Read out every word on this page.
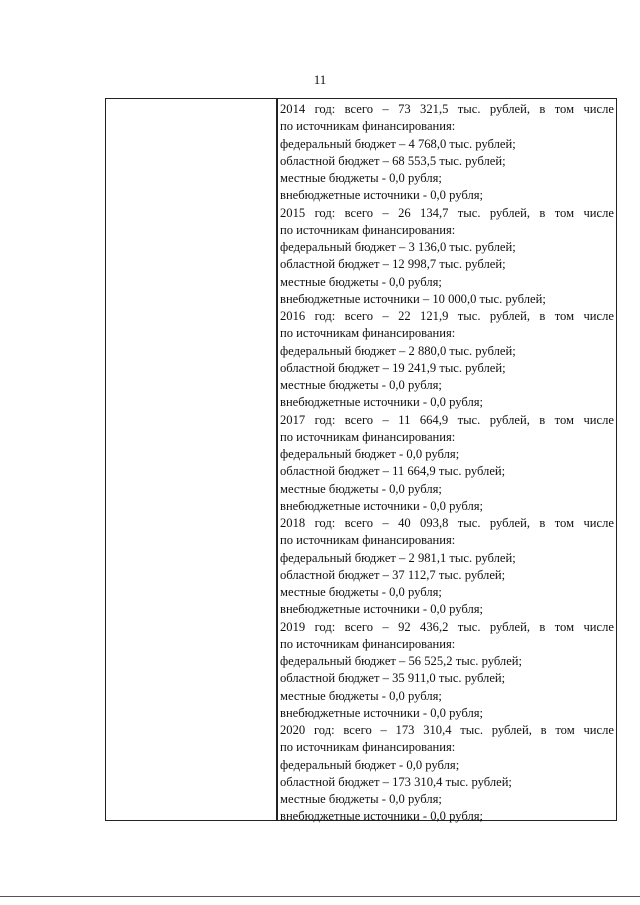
11
2014 год: всего – 73 321,5 тыс. рублей, в том числе
по источникам финансирования:
федеральный бюджет – 4 768,0 тыс. рублей;
областной бюджет – 68 553,5 тыс. рублей;
местные бюджеты - 0,0 рубля;
внебюджетные источники - 0,0 рубля;
2015 год: всего – 26 134,7 тыс. рублей, в том числе
по источникам финансирования:
федеральный бюджет – 3 136,0 тыс. рублей;
областной бюджет – 12 998,7 тыс. рублей;
местные бюджеты - 0,0 рубля;
внебюджетные источники – 10 000,0 тыс. рублей;
2016 год: всего – 22 121,9 тыс. рублей, в том числе
по источникам финансирования:
федеральный бюджет – 2 880,0 тыс. рублей;
областной бюджет – 19 241,9 тыс. рублей;
местные бюджеты - 0,0 рубля;
внебюджетные источники - 0,0 рубля;
2017 год: всего – 11 664,9 тыс. рублей, в том числе
по источникам финансирования:
федеральный бюджет - 0,0 рубля;
областной бюджет – 11 664,9 тыс. рублей;
местные бюджеты - 0,0 рубля;
внебюджетные источники - 0,0 рубля;
2018 год: всего – 40 093,8 тыс. рублей, в том числе
по источникам финансирования:
федеральный бюджет – 2 981,1 тыс. рублей;
областной бюджет – 37 112,7 тыс. рублей;
местные бюджеты - 0,0 рубля;
внебюджетные источники - 0,0 рубля;
2019 год: всего – 92 436,2 тыс. рублей, в том числе
по источникам финансирования:
федеральный бюджет – 56 525,2 тыс. рублей;
областной бюджет – 35 911,0 тыс. рублей;
местные бюджеты - 0,0 рубля;
внебюджетные источники - 0,0 рубля;
2020 год: всего – 173 310,4 тыс. рублей, в том числе
по источникам финансирования:
федеральный бюджет - 0,0 рубля;
областной бюджет – 173 310,4 тыс. рублей;
местные бюджеты - 0,0 рубля;
внебюджетные источники - 0,0 рубля;
